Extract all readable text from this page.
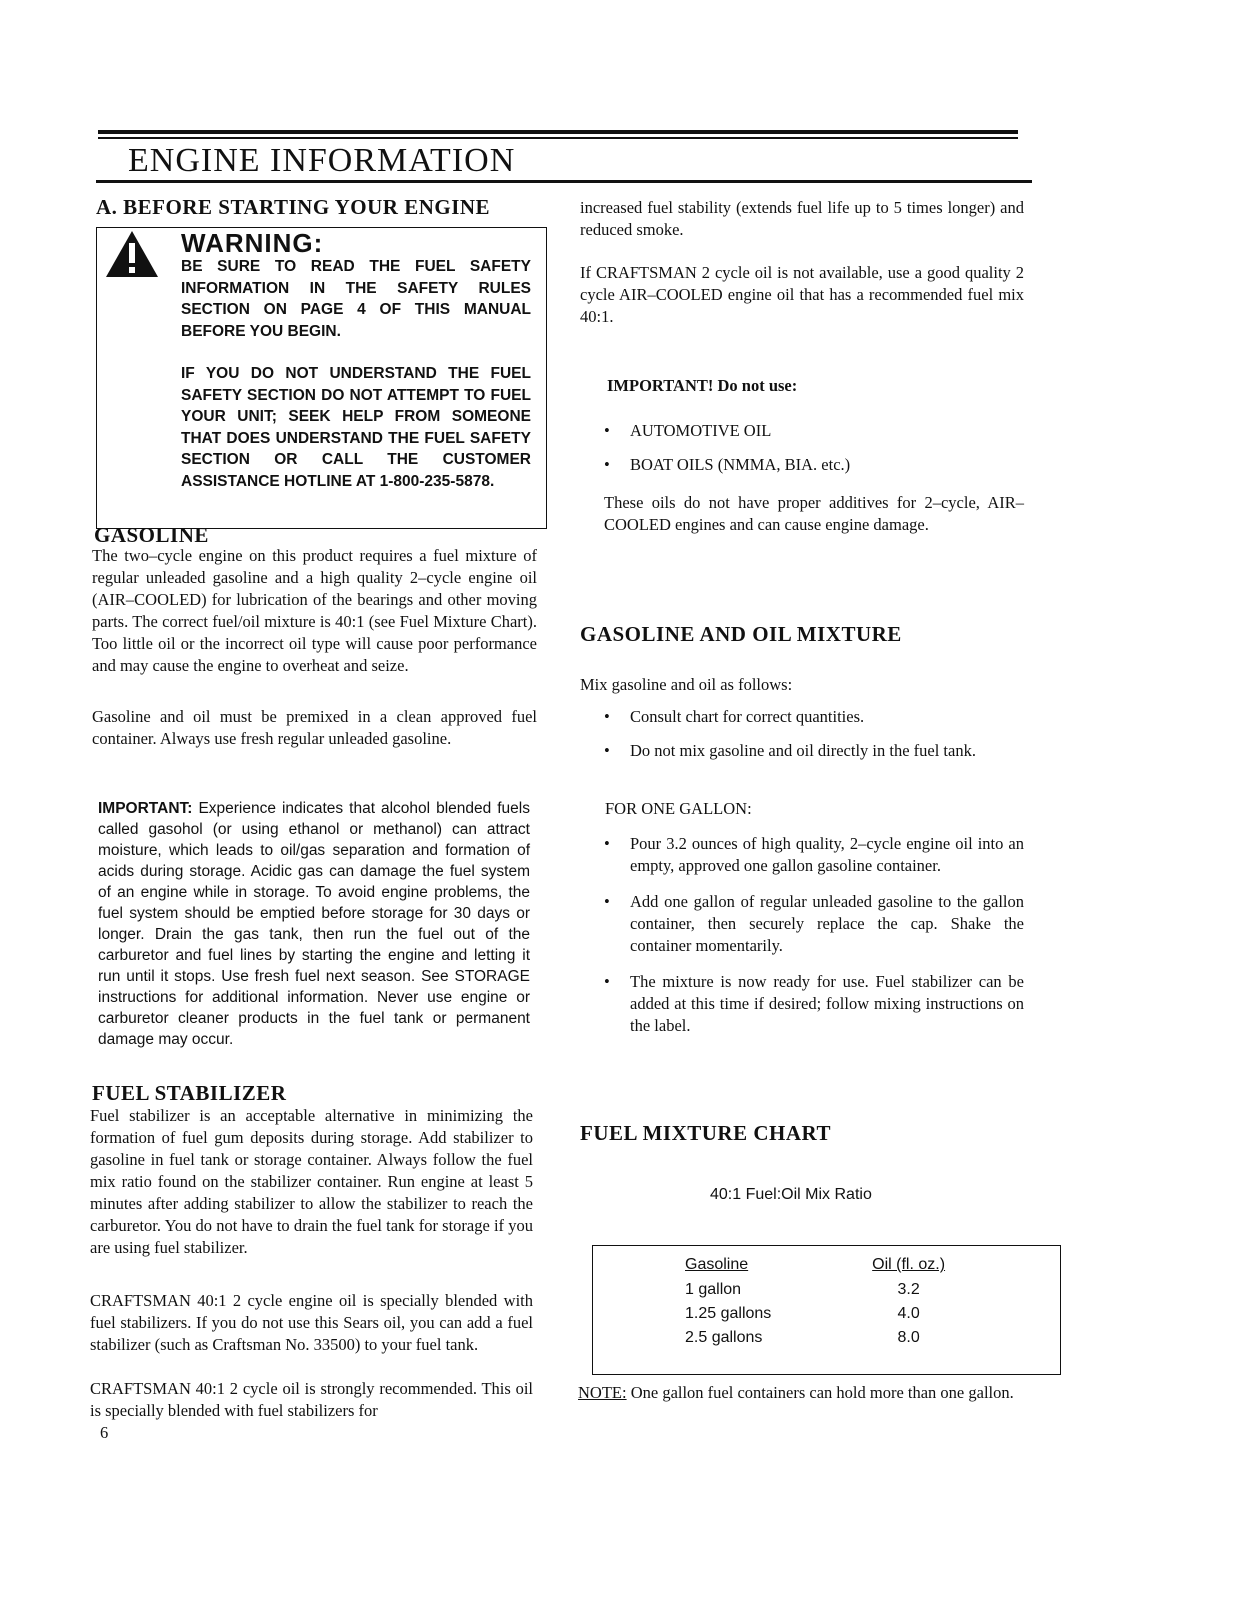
ENGINE INFORMATION
A. BEFORE STARTING YOUR ENGINE
WARNING:
BE SURE TO READ THE FUEL SAFETY INFORMATION IN THE SAFETY RULES SECTION ON PAGE 4 OF THIS MANUAL BEFORE YOU BEGIN.
IF YOU DO NOT UNDERSTAND THE FUEL SAFETY SECTION DO NOT ATTEMPT TO FUEL YOUR UNIT; SEEK HELP FROM SOMEONE THAT DOES UNDERSTAND THE FUEL SAFETY SECTION OR CALL THE CUSTOMER ASSISTANCE HOTLINE AT 1-800-235-5878.
GASOLINE
The two–cycle engine on this product requires a fuel mixture of regular unleaded gasoline and a high quality 2–cycle engine oil (AIR–COOLED) for lubrication of the bearings and other moving parts. The correct fuel/oil mixture is 40:1 (see Fuel Mixture Chart). Too little oil or the incorrect oil type will cause poor performance and may cause the engine to overheat and seize.
Gasoline and oil must be premixed in a clean approved fuel container. Always use fresh regular unleaded gasoline.
IMPORTANT: Experience indicates that alcohol blended fuels called gasohol (or using ethanol or methanol) can attract moisture, which leads to oil/gas separation and formation of acids during storage. Acidic gas can damage the fuel system of an engine while in storage. To avoid engine problems, the fuel system should be emptied before storage for 30 days or longer. Drain the gas tank, then run the fuel out of the carburetor and fuel lines by starting the engine and letting it run until it stops. Use fresh fuel next season. See STORAGE instructions for additional information. Never use engine or carburetor cleaner products in the fuel tank or permanent damage may occur.
FUEL STABILIZER
Fuel stabilizer is an acceptable alternative in minimizing the formation of fuel gum deposits during storage. Add stabilizer to gasoline in fuel tank or storage container. Always follow the fuel mix ratio found on the stabilizer container. Run engine at least 5 minutes after adding stabilizer to allow the stabilizer to reach the carburetor. You do not have to drain the fuel tank for storage if you are using fuel stabilizer.
CRAFTSMAN 40:1 2 cycle engine oil is specially blended with fuel stabilizers. If you do not use this Sears oil, you can add a fuel stabilizer (such as Craftsman No. 33500) to your fuel tank.
CRAFTSMAN 40:1 2 cycle oil is strongly recommended. This oil is specially blended with fuel stabilizers for
6
increased fuel stability (extends fuel life up to 5 times longer) and reduced smoke.
If CRAFTSMAN 2 cycle oil is not available, use a good quality 2 cycle AIR–COOLED engine oil that has a recommended fuel mix 40:1.
IMPORTANT! Do not use:
• AUTOMOTIVE OIL
• BOAT OILS (NMMA, BIA. etc.)
These oils do not have proper additives for 2–cycle, AIR–COOLED engines and can cause engine damage.
GASOLINE AND OIL MIXTURE
Mix gasoline and oil as follows:
• Consult chart for correct quantities.
• Do not mix gasoline and oil directly in the fuel tank.
FOR ONE GALLON:
• Pour 3.2 ounces of high quality, 2–cycle engine oil into an empty, approved one gallon gasoline container.
• Add one gallon of regular unleaded gasoline to the gallon container, then securely replace the cap. Shake the container momentarily.
• The mixture is now ready for use. Fuel stabilizer can be added at this time if desired; follow mixing instructions on the label.
FUEL MIXTURE CHART
40:1 Fuel:Oil Mix Ratio
Gasoline	Oil (fl. oz.)
1 gallon	3.2
1.25 gallons	4.0
2.5 gallons	8.0
NOTE: One gallon fuel containers can hold more than one gallon.
